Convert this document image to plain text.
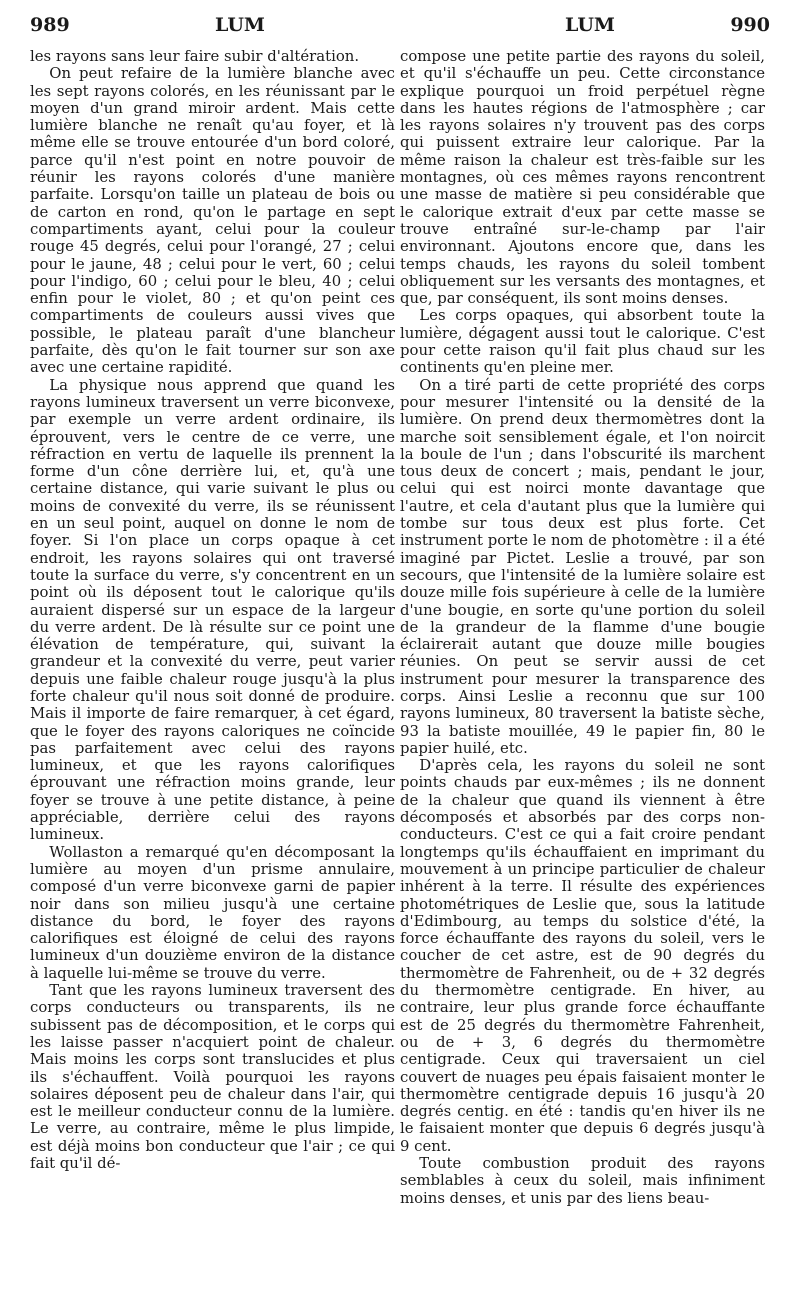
989	LUM	LUM	990

les rayons sans leur faire subir d'altération.

On peut refaire de la lumière blanche avec les sept rayons colorés, en les réunissant par le moyen d'un grand miroir ardent. Mais cette lumière blanche ne renaît qu'au foyer, et là même elle se trouve entourée d'un bord coloré, parce qu'il n'est point en notre pouvoir de réunir les rayons colorés d'une manière parfaite. Lorsqu'on taille un plateau de bois ou de carton en rond, qu'on le partage en sept compartiments ayant, celui pour la couleur rouge 45 degrés, celui pour l'orangé, 27 ; celui pour le jaune, 48 ; celui pour le vert, 60 ; celui pour l'indigo, 60 ; celui pour le bleu, 40 ; celui enfin pour le violet, 80 ; et qu'on peint ces compartiments de couleurs aussi vives que possible, le plateau paraît d'une blancheur parfaite, dès qu'on le fait tourner sur son axe avec une certaine rapidité.

La physique nous apprend que quand les rayons lumineux traversent un verre biconvexe, par exemple un verre ardent ordinaire, ils éprouvent, vers le centre de ce verre, une réfraction en vertu de laquelle ils prennent la forme d'un cône derrière lui, et, qu'à une certaine distance, qui varie suivant le plus ou moins de convexité du verre, ils se réunissent en un seul point, auquel on donne le nom de foyer. Si l'on place un corps opaque à cet endroit, les rayons solaires qui ont traversé toute la surface du verre, s'y concentrent en un point où ils déposent tout le calorique qu'ils auraient dispersé sur un espace de la largeur du verre ardent. De là résulte sur ce point une élévation de température, qui, suivant la grandeur et la convexité du verre, peut varier depuis une faible chaleur rouge jusqu'à la plus forte chaleur qu'il nous soit donné de produire. Mais il importe de faire remarquer, à cet égard, que le foyer des rayons caloriques ne coïncide pas parfaitement avec celui des rayons lumineux, et que les rayons calorifiques éprouvant une réfraction moins grande, leur foyer se trouve à une petite distance, à peine appréciable, derrière celui des rayons lumineux.

Wollaston a remarqué qu'en décomposant la lumière au moyen d'un prisme annulaire, composé d'un verre biconvexe garni de papier noir dans son milieu jusqu'à une certaine distance du bord, le foyer des rayons calorifiques est éloigné de celui des rayons lumineux d'un douzième environ de la distance à laquelle lui-même se trouve du verre.

Tant que les rayons lumineux traversent des corps conducteurs ou transparents, ils ne subissent pas de décomposition, et le corps qui les laisse passer n'acquiert point de chaleur. Mais moins les corps sont translucides et plus ils s'échauffent. Voilà pourquoi les rayons solaires déposent peu de chaleur dans l'air, qui est le meilleur conducteur connu de la lumière. Le verre, au contraire, même le plus limpide, est déjà moins bon conducteur que l'air ; ce qui fait qu'il dé-

compose une petite partie des rayons du soleil, et qu'il s'échauffe un peu. Cette circonstance explique pourquoi un froid perpétuel règne dans les hautes régions de l'atmosphère ; car les rayons solaires n'y trouvent pas des corps qui puissent extraire leur calorique. Par la même raison la chaleur est très-faible sur les montagnes, où ces mêmes rayons rencontrent une masse de matière si peu considérable que le calorique extrait d'eux par cette masse se trouve entraîné sur-le-champ par l'air environnant. Ajoutons encore que, dans les temps chauds, les rayons du soleil tombent obliquement sur les versants des montagnes, et que, par conséquent, ils sont moins denses.

Les corps opaques, qui absorbent toute la lumière, dégagent aussi tout le calorique. C'est pour cette raison qu'il fait plus chaud sur les continents qu'en pleine mer.

On a tiré parti de cette propriété des corps pour mesurer l'intensité ou la densité de la lumière. On prend deux thermomètres dont la marche soit sensiblement égale, et l'on noircit la boule de l'un ; dans l'obscurité ils marchent tous deux de concert ; mais, pendant le jour, celui qui est noirci monte davantage que l'autre, et cela d'autant plus que la lumière qui tombe sur tous deux est plus forte. Cet instrument porte le nom de photomètre : il a été imaginé par Pictet. Leslie a trouvé, par son secours, que l'intensité de la lumière solaire est douze mille fois supérieure à celle de la lumière d'une bougie, en sorte qu'une portion du soleil de la grandeur de la flamme d'une bougie éclairerait autant que douze mille bougies réunies. On peut se servir aussi de cet instrument pour mesurer la transparence des corps. Ainsi Leslie a reconnu que sur 100 rayons lumineux, 80 traversent la batiste sèche, 93 la batiste mouillée, 49 le papier fin, 80 le papier huilé, etc.

D'après cela, les rayons du soleil ne sont points chauds par eux-mêmes ; ils ne donnent de la chaleur que quand ils viennent à être décomposés et absorbés par des corps non-conducteurs. C'est ce qui a fait croire pendant longtemps qu'ils échauffaient en imprimant du mouvement à un principe particulier de chaleur inhérent à la terre. Il résulte des expériences photométriques de Leslie que, sous la latitude d'Edimbourg, au temps du solstice d'été, la force échauffante des rayons du soleil, vers le coucher de cet astre, est de 90 degrés du thermomètre de Fahrenheit, ou de + 32 degrés du thermomètre centigrade. En hiver, au contraire, leur plus grande force échauffante est de 25 degrés du thermomètre Fahrenheit, ou de + 3, 6 degrés du thermomètre centigrade. Ceux qui traversaient un ciel couvert de nuages peu épais faisaient monter le thermomètre centigrade depuis 16 jusqu'à 20 degrés centig. en été : tandis qu'en hiver ils ne le faisaient monter que depuis 6 degrés jusqu'à 9 cent.

Toute combustion produit des rayons semblables à ceux du soleil, mais infiniment moins denses, et unis par des liens beau-
